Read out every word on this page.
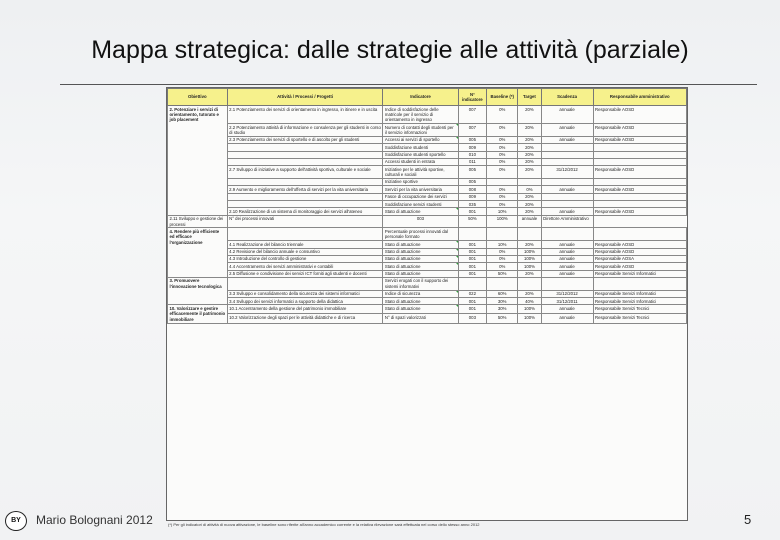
Mappa strategica: dalle strategie alle attività (parziale)
Obiettivo	Attività / Processi / Progetti	Indicatore	N° indicatore	Baseline (*)	Target	Scadenza	Responsabile amministrativo
2. Potenziare i servizi di orientamento, tutorato e job placement	2.1 Potenziamento dei servizi di orientamento in ingresso, in itinere e in uscita	Indice di soddisfazione delle matricole per il servizio di orientamento in ingresso	007	0%	20%	annuale	Responsabile AOSD
	2.2 Potenziamento attività di informazione e consulenza per gli studenti in corso di studio	Numero di contatti degli studenti per il servizio informazioni	007	0%	20%	annuale	Responsabile AOSD
	2.3 Potenziamento dei servizi di sportello e di ascolto per gli studenti	Accessi ai servizi di sportello	005	0%	20%	annuale	Responsabile AOSD
		Soddisfazione studenti	009	0%	20%		
		Soddisfazione studenti sportello	010	0%	20%		
		Accessi studenti in entrata	011	0%	20%		
	2.7 Sviluppo di iniziative a supporto dell'attività sportiva, culturale e sociale	Iniziative per le attività sportive, culturali e sociali	005	0%	20%	31/12/2012	Responsabile AOSD
		Iniziative sportive	005				
	2.9 Aumento e miglioramento dell'offerta di servizi per la vita universitaria	Servizi per la vita universitaria	008	0%	0%	annuale	Responsabile AOSD
		Fasce di occupazione dei servizi	009	0%	20%		
		Soddisfazione servizi studenti	035	0%	20%		
	2.10 Realizzazione di un sistema di monitoraggio dei servizi all'ateneo	Stato di attuazione	001	10%	20%	annuale	Responsabile AOSD
2.11 Sviluppo e gestione dei processi	N° dei processi innovati	003	50%	100%	annuale	Direttore Amministrativo	
4. Rendere più efficiente ed efficace l'organizzazione		Percentuale processi innovati dal personale formato					
	4.1 Realizzazione del bilancio triennale	Stato di attuazione	001	10%	20%	annuale	Responsabile AOSD
	4.2 Revisione del bilancio annuale e consuntivo	Stato di attuazione	001	0%	100%	annuale	Responsabile AOSD
	4.3 Introduzione del controllo di gestione	Stato di attuazione	001	0%	100%	annuale	Responsabile AOSA
	4.4 Accentramento dei servizi amministrativi e contabili	Stato di attuazione	001	0%	100%	annuale	Responsabile AOSD
	2.5 Diffusione e condivisione dei servizi ICT forniti agli studenti e docenti	Stato di attuazione	001	50%	20%	annuale	Responsabile Servizi Informatici
3. Promuovere l'innovazione tecnologica		Servizi erogati con il supporto dei sistemi informativi					
	3.3 Sviluppo e consolidamento della sicurezza dei sistemi informatici	Indice di sicurezza	022	60%	20%	31/12/2012	Responsabile Servizi Informatici
	3.4 Sviluppo dei servizi informatici a supporto della didattica	Stato di attuazione	001	30%	40%	31/12/2011	Responsabile Servizi Informatici
10. Valorizzare e gestire efficacemente il patrimonio immobiliare	10.1 Accentramento della gestione del patrimonio immobiliare	Stato di attuazione	001	30%	100%	annuale	Responsabile Servizi Tecnici
	10.2 Valorizzazione degli spazi per le attività didattiche e di ricerca	N° di spazi valorizzati	003	50%	100%	annuale	Responsabile Servizi Tecnici
(*) Per gli indicatori di attività di nuova attivazione, le baseline sono riferite all'anno accademico corrente e la relativa rilevazione sarà effettuata nel corso dello stesso anno 2012
BY	Mario Bolognani 2012	5
